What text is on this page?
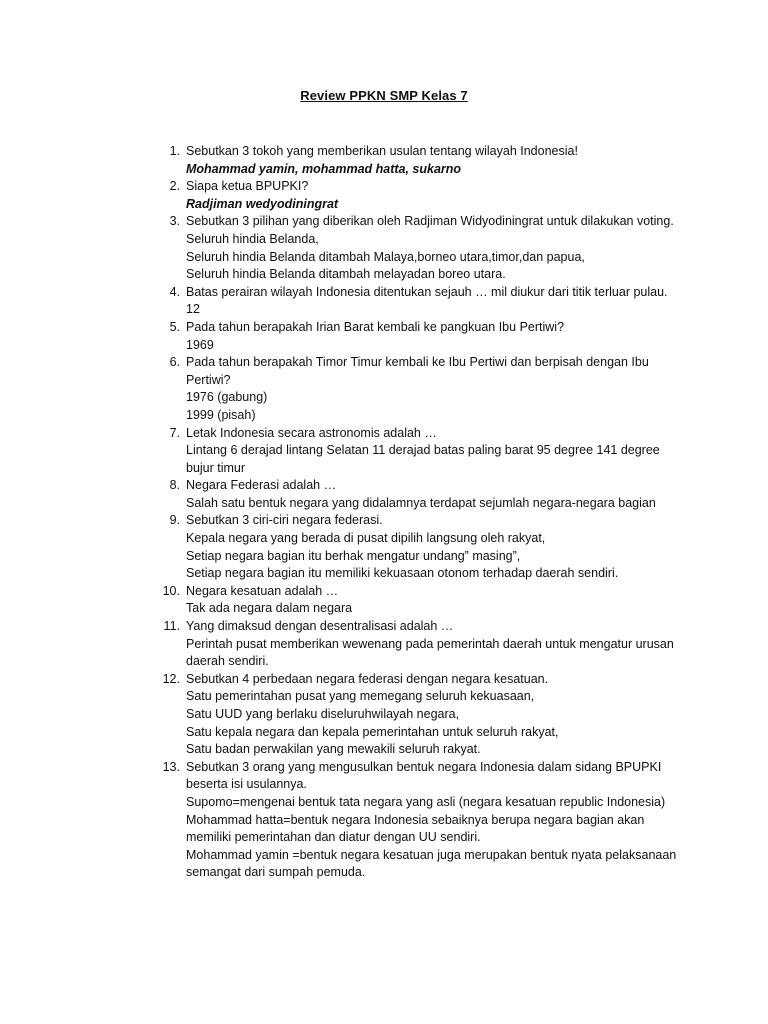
Review PPKN SMP Kelas 7
1. Sebutkan 3 tokoh yang memberikan usulan tentang wilayah Indonesia!
Mohammad yamin, mohammad hatta, sukarno
2. Siapa ketua BPUPKI?
Radjiman wedyodiningrat
3. Sebutkan 3 pilihan yang diberikan oleh Radjiman Widyodiningrat untuk dilakukan voting.
Seluruh hindia Belanda,
Seluruh hindia Belanda ditambah Malaya,borneo utara,timor,dan papua,
Seluruh hindia Belanda ditambah melayadan boreo utara.
4. Batas perairan wilayah Indonesia ditentukan sejauh … mil diukur dari titik terluar pulau.
12
5. Pada tahun berapakah Irian Barat kembali ke pangkuan Ibu Pertiwi?
1969
6. Pada tahun berapakah Timor Timur kembali ke Ibu Pertiwi dan berpisah dengan Ibu Pertiwi?
1976 (gabung)
1999 (pisah)
7. Letak Indonesia secara astronomis adalah …
Lintang 6 derajad lintang Selatan 11 derajad batas paling barat 95 degree 141 degree bujur timur
8. Negara Federasi adalah …
Salah satu bentuk negara yang didalamnya terdapat sejumlah negara-negara bagian
9. Sebutkan 3 ciri-ciri negara federasi.
Kepala negara yang berada di pusat dipilih langsung oleh rakyat,
Setiap negara bagian itu berhak mengatur undang” masing”,
Setiap negara bagian itu memiliki kekuasaan otonom terhadap daerah sendiri.
10. Negara kesatuan adalah …
Tak ada negara dalam negara
11. Yang dimaksud dengan desentralisasi adalah …
Perintah pusat memberikan wewenang pada pemerintah daerah untuk mengatur urusan daerah sendiri.
12. Sebutkan 4 perbedaan negara federasi dengan negara kesatuan.
Satu pemerintahan pusat yang memegang seluruh kekuasaan,
Satu UUD yang berlaku diseluruhwilayah negara,
Satu kepala negara dan kepala pemerintahan untuk seluruh rakyat,
Satu badan perwakilan yang mewakili seluruh rakyat.
13. Sebutkan 3 orang yang mengusulkan bentuk negara Indonesia dalam sidang BPUPKI beserta isi usulannya.
Supomo=mengenai bentuk tata negara yang asli (negara kesatuan republic Indonesia)
Mohammad hatta=bentuk negara Indonesia sebaiknya berupa negara bagian akan memiliki pemerintahan dan diatur dengan UU sendiri.
Mohammad yamin =bentuk negara kesatuan juga merupakan bentuk nyata pelaksanaan semangat dari sumpah pemuda.
